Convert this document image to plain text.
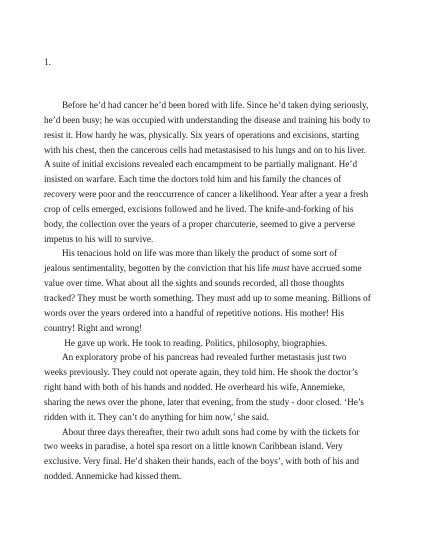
1.

Before he’d had cancer he’d been bored with life. Since he’d taken dying seriously,
he’d been busy; he was occupied with understanding the disease and training his body to
resist it. How hardy he was, physically. Six years of operations and excisions, starting
with his chest, then the cancerous cells had metastasised to his lungs and on to his liver.
A suite of initial excisions revealed each encampment to be partially malignant. He’d
insisted on warfare. Each time the doctors told him and his family the chances of
recovery were poor and the reoccurrence of cancer a likelihood. Year after a year a fresh
crop of cells emerged, excisions followed and he lived. The knife-and-forking of his
body, the collection over the years of a proper charcuterie, seemed to give a perverse
impetus to his will to survive.

His tenacious hold on life was more than likely the product of some sort of
jealous sentimentality, begotten by the conviction that his life must have accrued some
value over time. What about all the sights and sounds recorded, all those thoughts
tracked? They must be worth something. They must add up to some meaning. Billions of
words over the years ordered into a handful of repetitive notions. His mother! His
country! Right and wrong!

He gave up work. He took to reading. Politics, philosophy, biographies.

An exploratory probe of his pancreas had revealed further metastasis just two
weeks previously. They could not operate again, they told him. He shook the doctor’s
right hand with both of his hands and nodded. He overheard his wife, Annemieke,
sharing the news over the phone, later that evening, from the study - door closed. ‘He’s
ridden with it. They can’t do anything for him now,’ she said.

About three days thereafter, their two adult sons had come by with the tickets for
two weeks in paradise, a hotel spa resort on a little known Caribbean island. Very
exclusive. Very final. He’d shaken their hands, each of the boys’, with both of his and
nodded. Annemicke had kissed them.
